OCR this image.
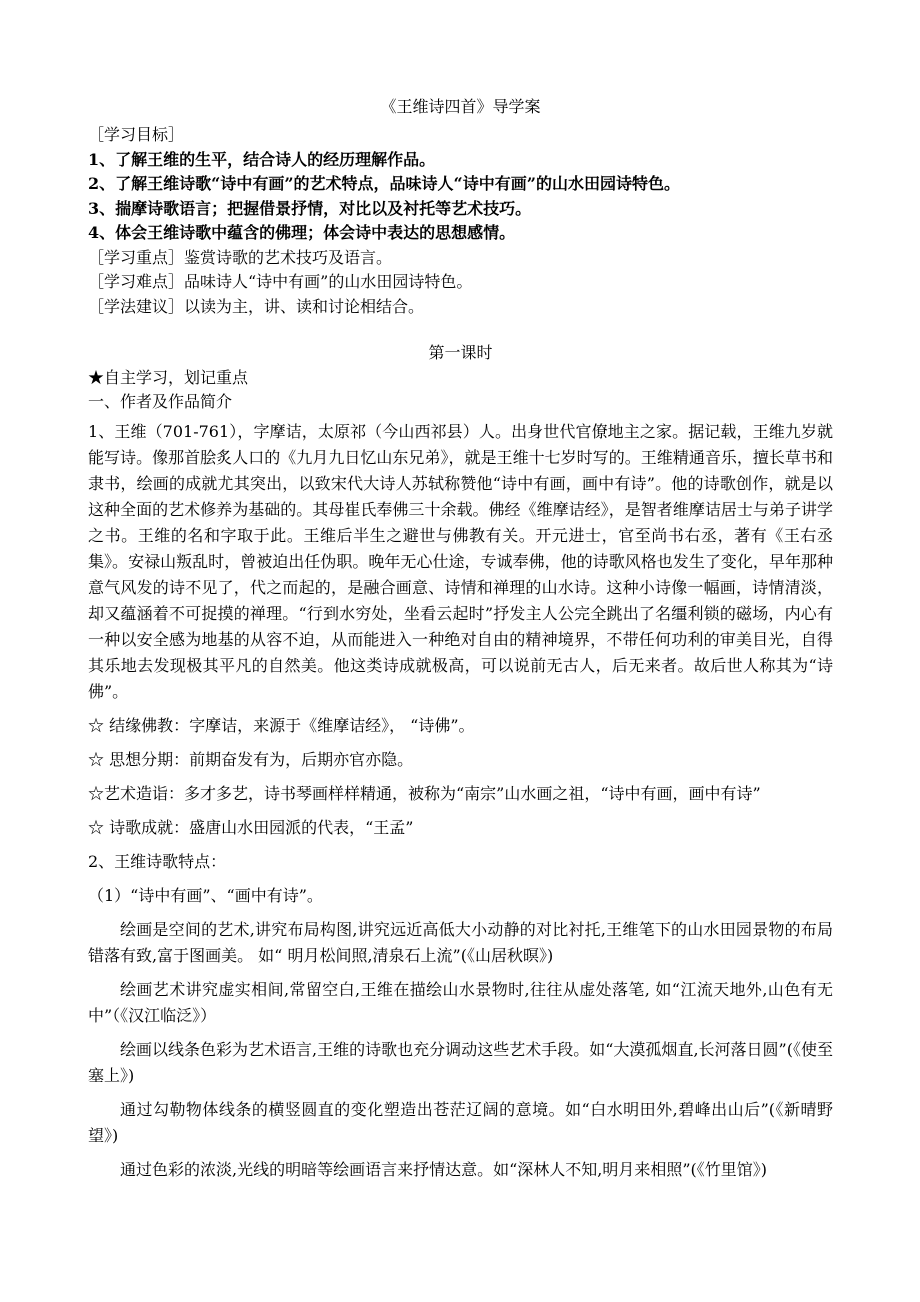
《王维诗四首》导学案

［学习目标］

1、了解王维的生平，结合诗人的经历理解作品。

2、了解王维诗歌“诗中有画”的艺术特点，品味诗人“诗中有画”的山水田园诗特色。

3、揣摩诗歌语言；把握借景抒情，对比以及衬托等艺术技巧。

4、体会王维诗歌中蕴含的佛理；体会诗中表达的思想感情。

［学习重点］鉴赏诗歌的艺术技巧及语言。

［学习难点］品味诗人“诗中有画”的山水田园诗特色。

［学法建议］以读为主，讲、读和讨论相结合。

第一课时

★自主学习，划记重点

一、作者及作品简介

1、王维（701-761），字摩诘，太原祁（今山西祁县）人。出身世代官僚地主之家。据记载，王维九岁就能写诗。像那首脍炙人口的《九月九日忆山东兄弟》，就是王维十七岁时写的。王维精通音乐，擅长草书和隶书，绘画的成就尤其突出，以致宋代大诗人苏轼称赞他“诗中有画，画中有诗”。他的诗歌创作，就是以这种全面的艺术修养为基础的。其母崔氏奉佛三十余载。佛经《维摩诘经》，是智者维摩诘居士与弟子讲学之书。王维的名和字取于此。王维后半生之避世与佛教有关。开元进士，官至尚书右丞，著有《王右丞集》。安禄山叛乱时，曾被迫出任伪职。晚年无心仕途，专诚奉佛，他的诗歌风格也发生了变化，早年那种意气风发的诗不见了，代之而起的，是融合画意、诗情和禅理的山水诗。这种小诗像一幅画，诗情清淡，却又蕴涵着不可捉摸的禅理。“行到水穷处，坐看云起时”抒发主人公完全跳出了名缰利锁的磁场，内心有一种以安全感为地基的从容不迫，从而能进入一种绝对自由的精神境界，不带任何功利的审美目光，自得其乐地去发现极其平凡的自然美。他这类诗成就极高，可以说前无古人，后无来者。故后世人称其为“诗佛”。

☆ 结缘佛教：字摩诘，来源于《维摩诘经》， “诗佛”。

☆ 思想分期：前期奋发有为，后期亦官亦隐。

☆艺术造诣：多才多艺，诗书琴画样样精通，被称为“南宗”山水画之祖，“诗中有画，画中有诗”

☆ 诗歌成就：盛唐山水田园派的代表，“王孟”

2、王维诗歌特点：

（1）“诗中有画”、“画中有诗”。

绘画是空间的艺术,讲究布局构图,讲究远近高低大小动静的对比衬托,王维笔下的山水田园景物的布局错落有致,富于图画美。 如“ 明月松间照,清泉石上流”(《山居秋暝》)

绘画艺术讲究虚实相间,常留空白,王维在描绘山水景物时,往往从虚处落笔, 如“江流天地外,山色有无中”（《汉江临泛》）

绘画以线条色彩为艺术语言,王维的诗歌也充分调动这些艺术手段。如“大漠孤烟直,长河落日圆”(《使至塞上》)

通过勾勒物体线条的横竖圆直的变化塑造出苍茫辽阔的意境。如“白水明田外,碧峰出山后”(《新晴野望》)

通过色彩的浓淡,光线的明暗等绘画语言来抒情达意。如“深林人不知,明月来相照”(《竹里馆》)
